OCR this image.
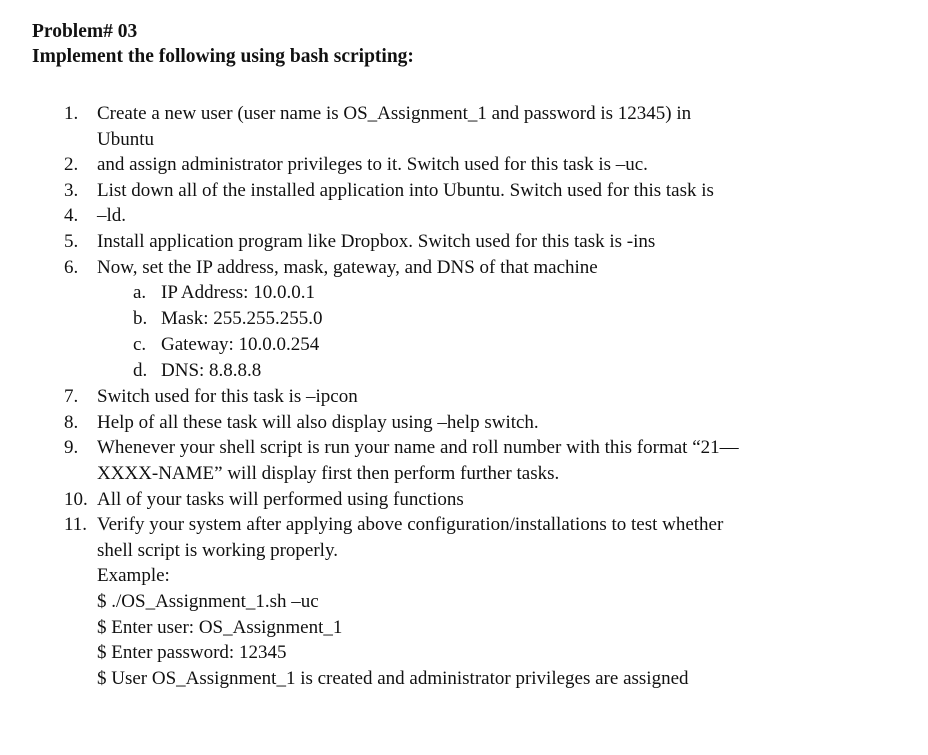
Problem# 03
Implement the following using bash scripting:
1. Create a new user (user name is OS_Assignment_1 and password is 12345) in
Ubuntu
2. and assign administrator privileges to it. Switch used for this task is –uc.
3. List down all of the installed application into Ubuntu. Switch used for this task is
4. –ld.
5. Install application program like Dropbox. Switch used for this task is -ins
6. Now, set the IP address, mask, gateway, and DNS of that machine
a. IP Address: 10.0.0.1
b. Mask: 255.255.255.0
c. Gateway: 10.0.0.254
d. DNS: 8.8.8.8
7. Switch used for this task is –ipcon
8. Help of all these task will also display using –help switch.
9. Whenever your shell script is run your name and roll number with this format “21—
XXXX-NAME” will display first then perform further tasks.
10. All of your tasks will performed using functions
11. Verify your system after applying above configuration/installations to test whether
shell script is working properly.
Example:
$ ./OS_Assignment_1.sh –uc
$ Enter user: OS_Assignment_1
$ Enter password: 12345
$ User OS_Assignment_1 is created and administrator privileges are assigned
